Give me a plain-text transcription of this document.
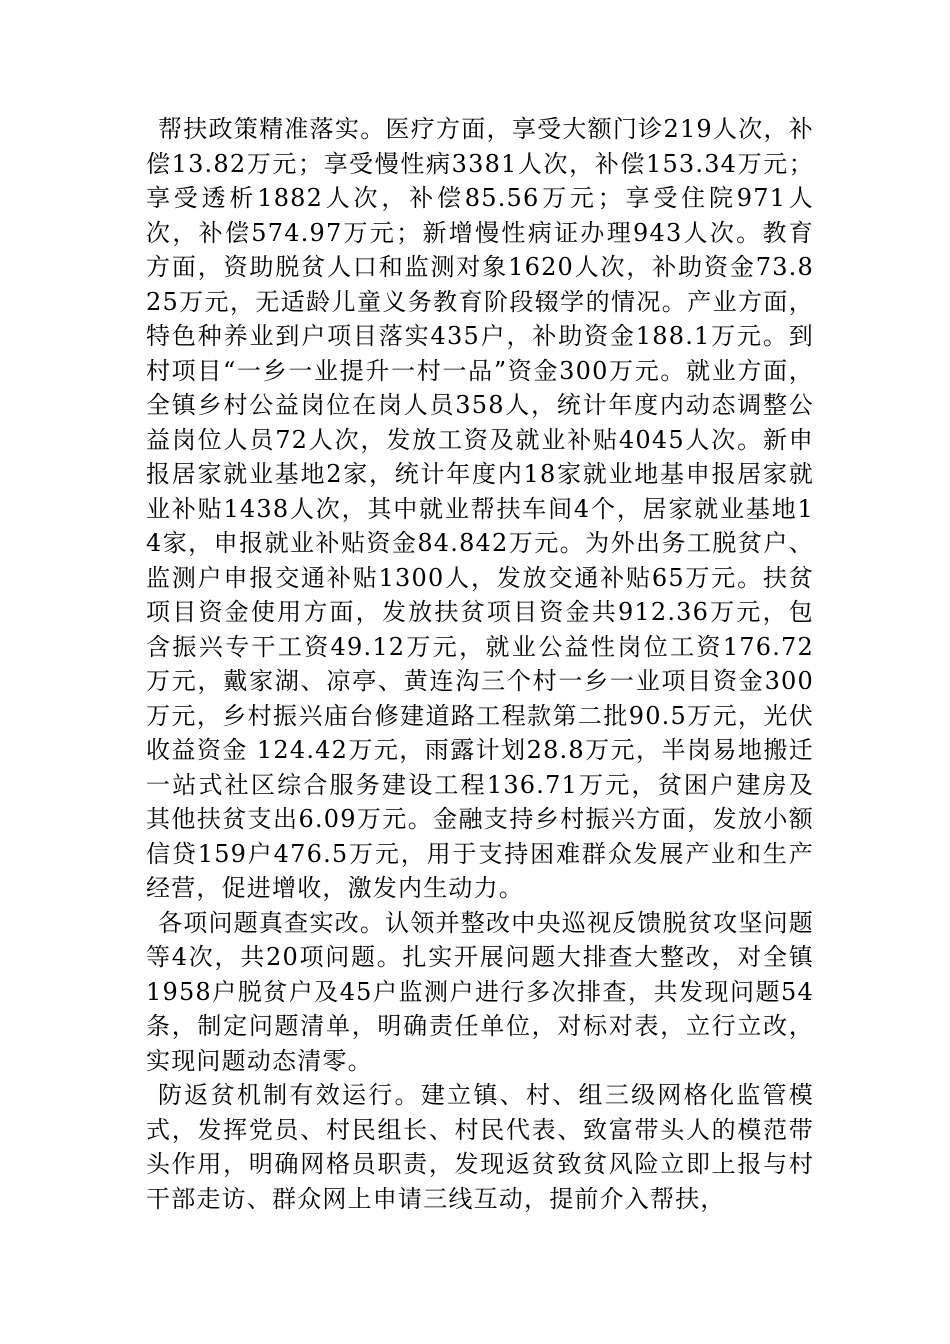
帮扶政策精准落实。医疗方面，享受大额门诊219人次，补偿13.82万元；享受慢性病3381人次，补偿153.34万元；享受透析1882人次，补偿85.56万元；享受住院971人次，补偿574.97万元；新增慢性病证办理943人次。教育方面，资助脱贫人口和监测对象1620人次，补助资金73.825万元，无适龄儿童义务教育阶段辍学的情况。产业方面，特色种养业到户项目落实435户，补助资金188.1万元。到村项目“一乡一业提升一村一品”资金300万元。就业方面，全镇乡村公益岗位在岗人员358人，统计年度内动态调整公益岗位人员72人次，发放工资及就业补贴4045人次。新申报居家就业基地2家，统计年度内18家就业地基申报居家就业补贴1438人次，其中就业帮扶车间4个，居家就业基地14家，申报就业补贴资金84.842万元。为外出务工脱贫户、监测户申报交通补贴1300人，发放交通补贴65万元。扶贫项目资金使用方面，发放扶贫项目资金共912.36万元，包含振兴专干工资49.12万元，就业公益性岗位工资176.72万元，戴家湖、凉亭、黄连沟三个村一乡一业项目资金300万元，乡村振兴庙台修建道路工程款第二批90.5万元，光伏收益资金 124.42万元，雨露计划28.8万元，半岗易地搬迁一站式社区综合服务建设工程136.71万元，贫困户建房及其他扶贫支出6.09万元。金融支持乡村振兴方面，发放小额信贷159户476.5万元，用于支持困难群众发展产业和生产经营，促进增收，激发内生动力。

各项问题真查实改。认领并整改中央巡视反馈脱贫攻坚问题等4次，共20项问题。扎实开展问题大排查大整改，对全镇1958户脱贫户及45户监测户进行多次排查，共发现问题54条，制定问题清单，明确责任单位，对标对表，立行立改，实现问题动态清零。

防返贫机制有效运行。建立镇、村、组三级网格化监管模式，发挥党员、村民组长、村民代表、致富带头人的模范带头作用，明确网格员职责，发现返贫致贫风险立即上报与村干部走访、群众网上申请三线互动，提前介入帮扶，
